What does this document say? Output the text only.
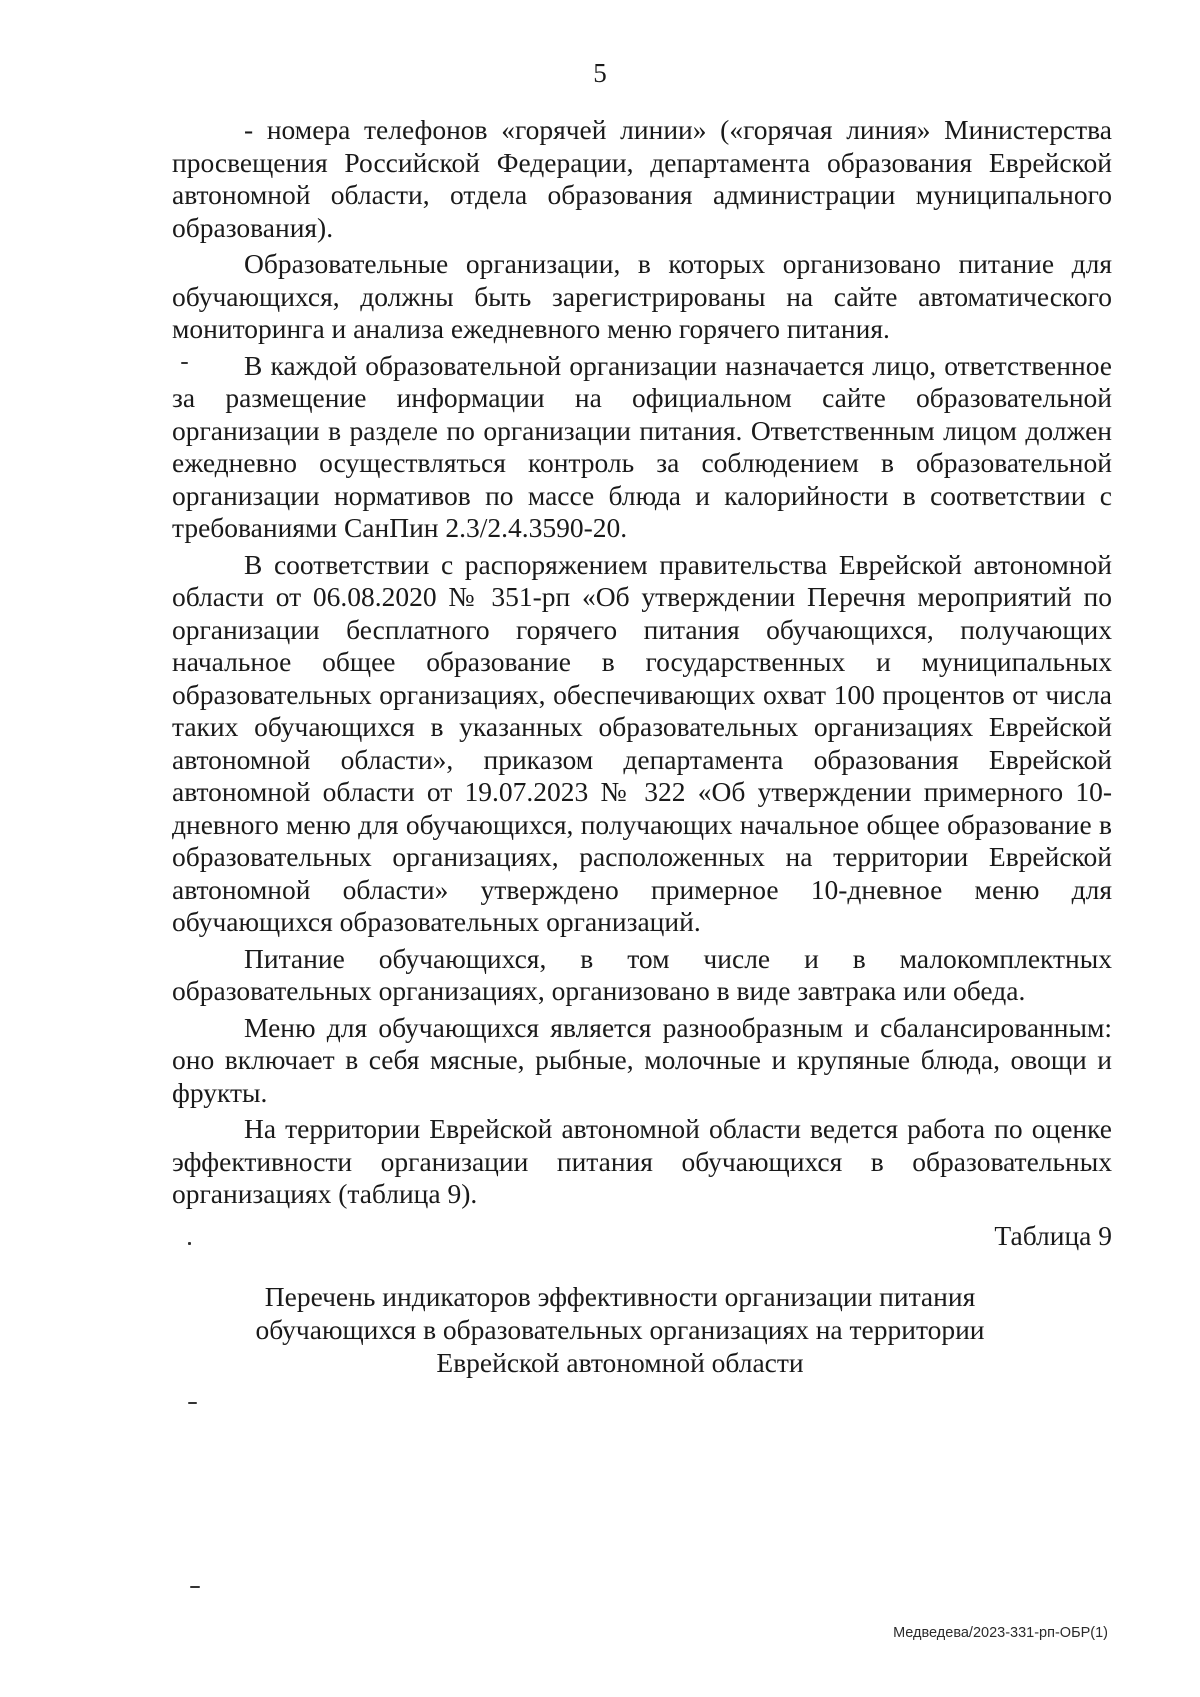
5

- номера телефонов «горячей линии» («горячая линия» Министерства просвещения Российской Федерации, департамента образования Еврейской автономной области, отдела образования администрации муниципального образования).

Образовательные организации, в которых организовано питание для обучающихся, должны быть зарегистрированы на сайте автоматического мониторинга и анализа ежедневного меню горячего питания.

В каждой образовательной организации назначается лицо, ответственное за размещение информации на официальном сайте образовательной организации в разделе по организации питания. Ответственным лицом должен ежедневно осуществляться контроль за соблюдением в образовательной организации нормативов по массе блюда и калорийности в соответствии с требованиями СанПин 2.3/2.4.3590-20.

В соответствии с распоряжением правительства Еврейской автономной области от 06.08.2020 № 351-рп «Об утверждении Перечня мероприятий по организации бесплатного горячего питания обучающихся, получающих начальное общее образование в государственных и муниципальных образовательных организациях, обеспечивающих охват 100 процентов от числа таких обучающихся в указанных образовательных организациях Еврейской автономной области», приказом департамента образования Еврейской автономной области от 19.07.2023 № 322 «Об утверждении примерного 10-дневного меню для обучающихся, получающих начальное общее образование в образовательных организациях, расположенных на территории Еврейской автономной области» утверждено примерное 10-дневное меню для обучающихся образовательных организаций.

Питание обучающихся, в том числе и в малокомплектных образовательных организациях, организовано в виде завтрака или обеда.

Меню для обучающихся является разнообразным и сбалансированным: оно включает в себя мясные, рыбные, молочные и крупяные блюда, овощи и фрукты.

На территории Еврейской автономной области ведется работа по оценке эффективности организации питания обучающихся в образовательных организациях (таблица 9).

Таблица 9
Перечень индикаторов эффективности организации питания обучающихся в образовательных организациях на территории Еврейской автономной области
Медведева/2023-331-рп-ОБР(1)
